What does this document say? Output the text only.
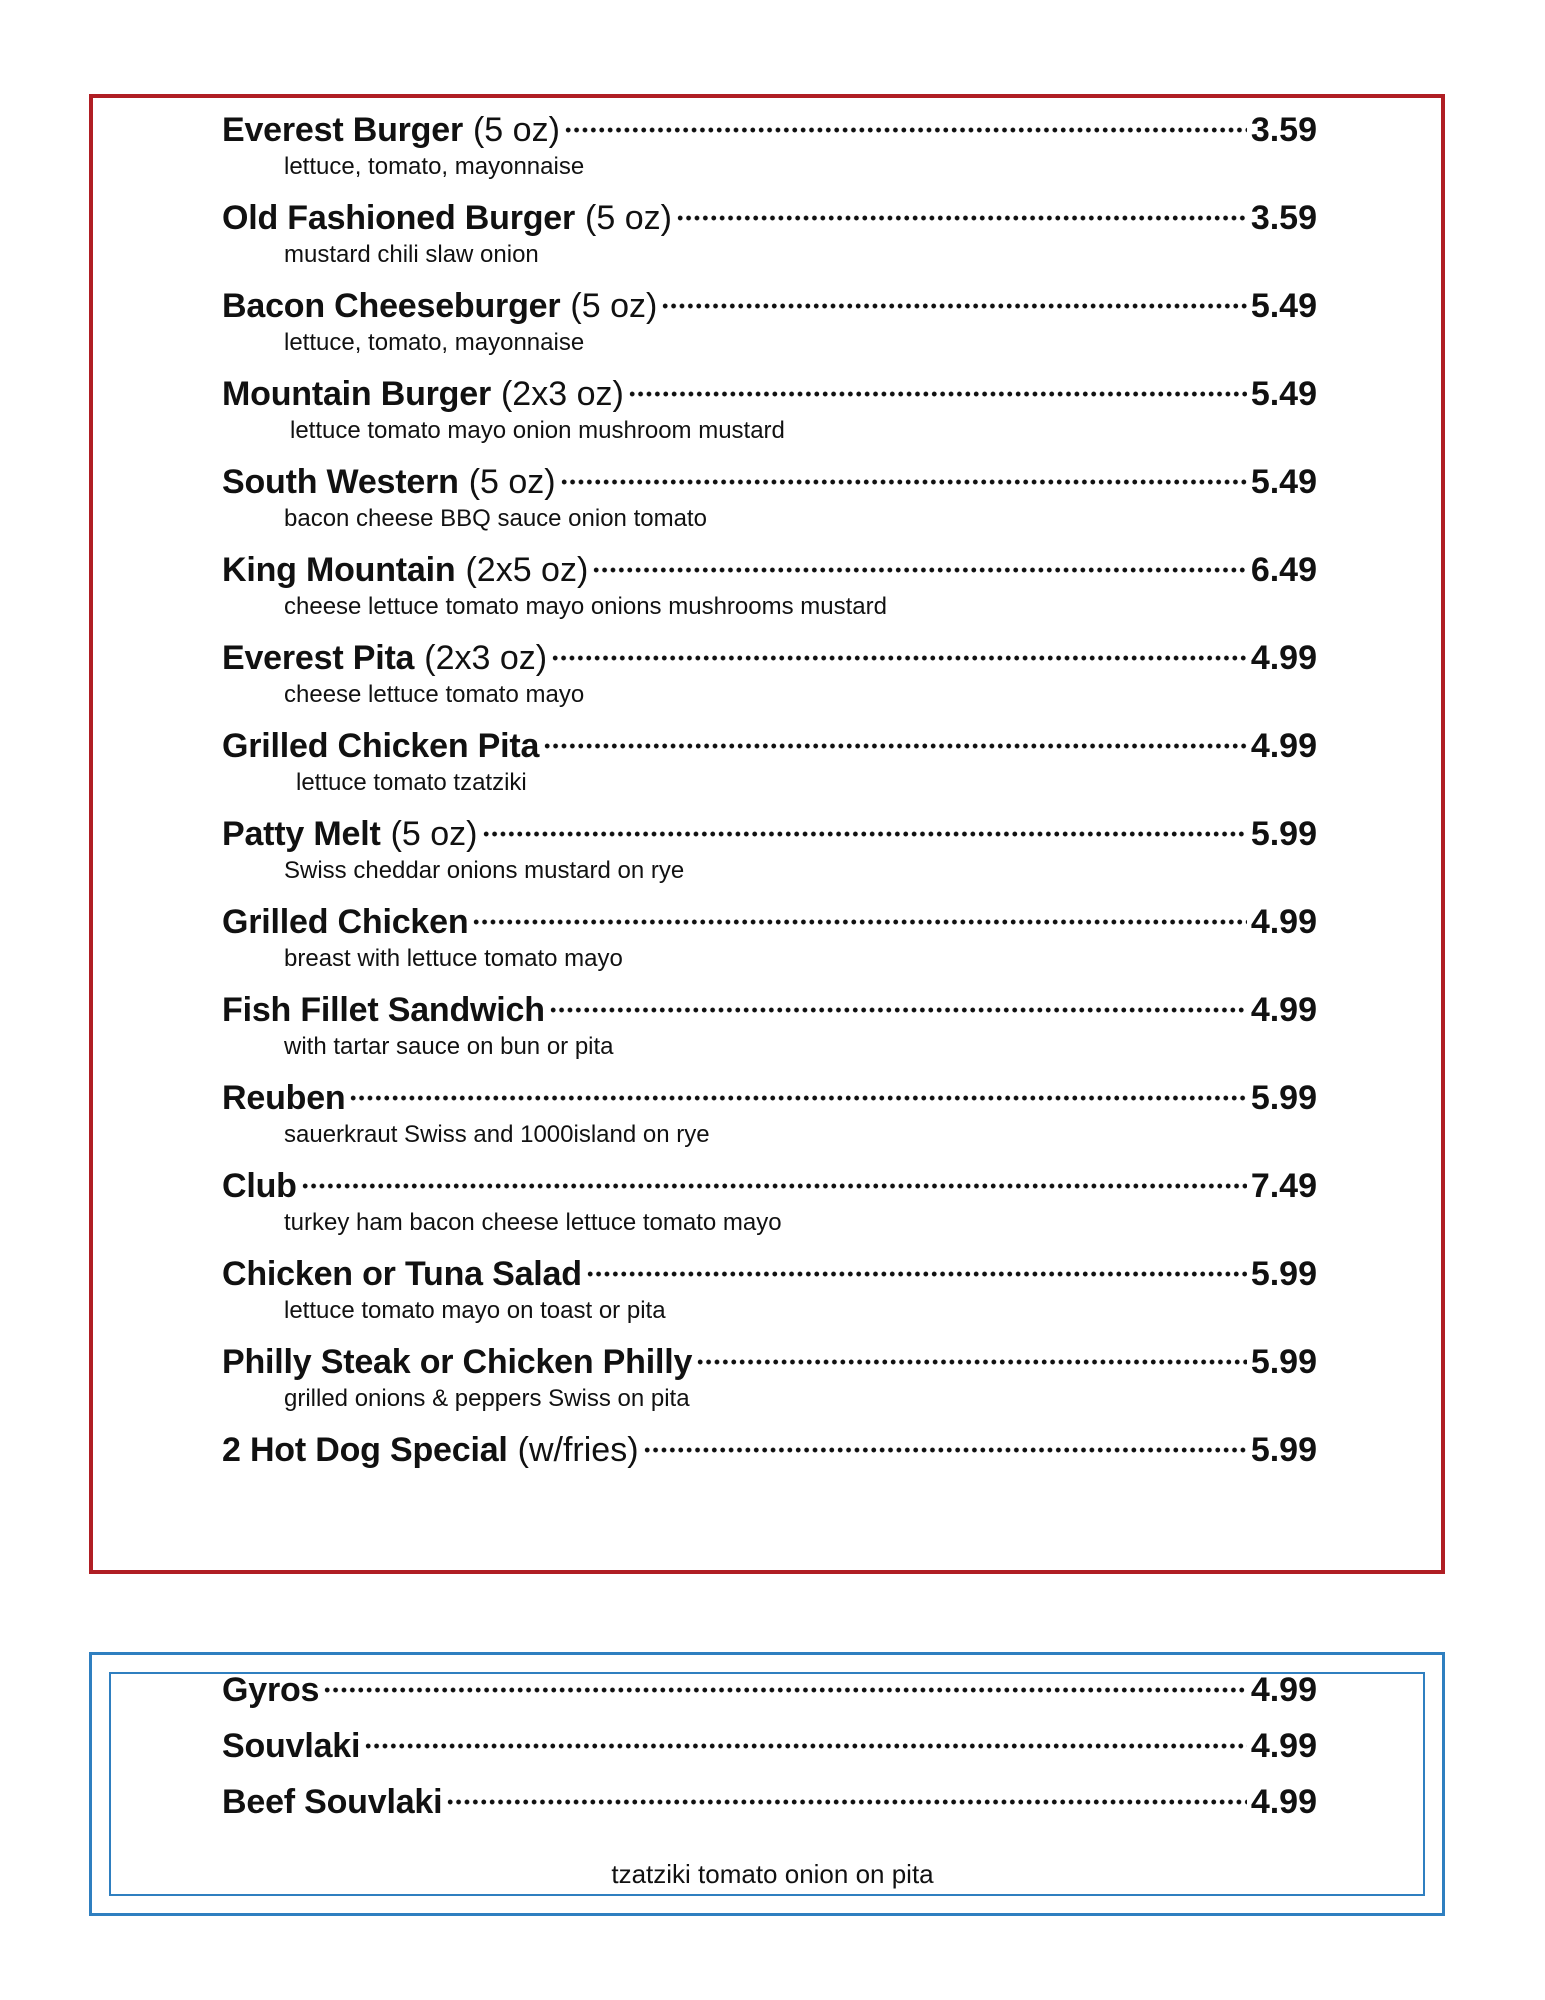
Everest Burger (5 oz)	3.59
lettuce, tomato, mayonnaise
Old Fashioned Burger (5 oz)	3.59
mustard chili slaw onion
Bacon Cheeseburger (5 oz)	5.49
lettuce, tomato, mayonnaise
Mountain Burger (2x3 oz)	5.49
lettuce tomato mayo onion mushroom mustard
South Western (5 oz)	5.49
bacon cheese BBQ sauce onion tomato
King Mountain (2x5 oz)	6.49
cheese lettuce tomato mayo onions mushrooms mustard
Everest Pita (2x3 oz)	4.99
cheese lettuce tomato mayo
Grilled Chicken Pita	4.99
lettuce tomato tzatziki
Patty Melt (5 oz)	5.99
Swiss cheddar onions mustard on rye
Grilled Chicken	4.99
breast with lettuce tomato mayo
Fish Fillet Sandwich	4.99
with tartar sauce on bun or pita
Reuben	5.99
sauerkraut Swiss and 1000island on rye
Club	7.49
turkey ham bacon cheese lettuce tomato mayo
Chicken or Tuna Salad	5.99
lettuce tomato mayo on toast or pita
Philly Steak or Chicken Philly	5.99
grilled onions & peppers Swiss on pita
2 Hot Dog Special (w/fries)	5.99
Gyros	4.99
Souvlaki	4.99
Beef Souvlaki	4.99
tzatziki tomato onion on pita
